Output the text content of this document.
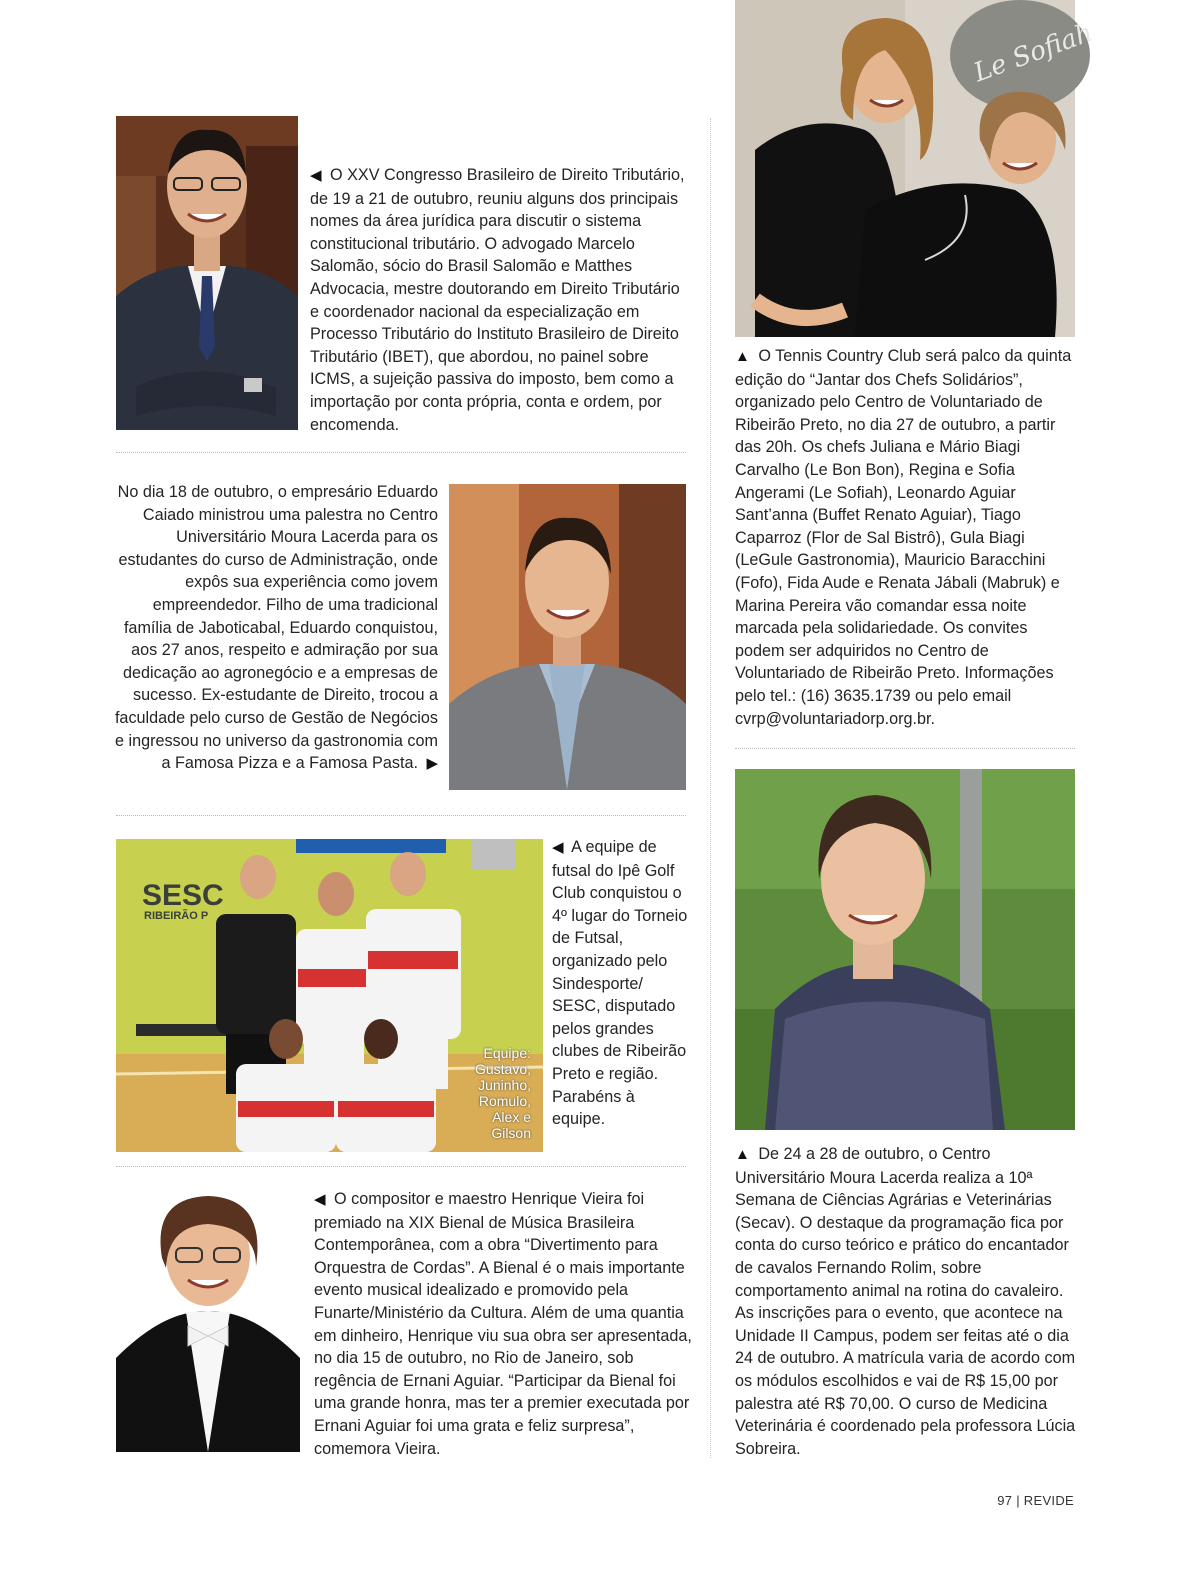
◀ O XXV Congresso Brasileiro de Direito Tributário, de 19 a 21 de outubro, reuniu alguns dos principais nomes da área jurídica para discutir o sistema constitucional tributário. O advogado Marcelo Salomão, sócio do Brasil Salomão e Matthes Advocacia, mestre doutorando em Direito Tributário e coordenador nacional da especialização em Processo Tributário do Instituto Brasileiro de Direito Tributário (IBET), que abordou, no painel sobre ICMS, a sujeição passiva do imposto, bem como a importação por conta própria, conta e ordem, por encomenda.
No dia 18 de outubro, o empresário Eduardo Caiado ministrou uma palestra no Centro Universitário Moura Lacerda para os estudantes do curso de Administração, onde expôs sua experiência como jovem empreendedor. Filho de uma tradicional família de Jaboticabal, Eduardo conquistou, aos 27 anos, respeito e admiração por sua dedicação ao agronegócio e a empresas de sucesso. Ex-estudante de Direito, trocou a faculdade pelo curso de Gestão de Negócios e ingressou no universo da gastronomia com a Famosa Pizza e a Famosa Pasta. ▶
SESC
RIBEIRÃO P
Equipe: Gustavo, Juninho, Romulo, Alex e Gilson
◀ A equipe de futsal do Ipê Golf Club conquistou o 4º lugar do Torneio de Futsal, organizado pelo Sindesporte/ SESC, disputado pelos grandes clubes de Ribeirão Preto e região. Parabéns à equipe.
◀ O compositor e maestro Henrique Vieira foi premiado na XIX Bienal de Música Brasileira Contemporânea, com a obra “Divertimento para Orquestra de Cordas”. A Bienal é o mais importante evento musical idealizado e promovido pela Funarte/Ministério da Cultura. Além de uma quantia em dinheiro, Henrique viu sua obra ser apresentada, no dia 15 de outubro, no Rio de Janeiro, sob regência de Ernani Aguiar. “Participar da Bienal foi uma grande honra, mas ter a premier executada por Ernani Aguiar foi uma grata e feliz surpresa”, comemora Vieira.
Le Sofiah
▲ O Tennis Country Club será palco da quinta edição do “Jantar dos Chefs Solidários”, organizado pelo Centro de Voluntariado de Ribeirão Preto, no dia 27 de outubro, a partir das 20h. Os chefs Juliana e Mário Biagi Carvalho (Le Bon Bon), Regina e Sofia Angerami (Le Sofiah), Leonardo Aguiar Sant’anna (Buffet Renato Aguiar), Tiago Caparroz (Flor de Sal Bistrô), Gula Biagi (LeGule Gastronomia), Mauricio Baracchini (Fofo), Fida Aude e Renata Jábali (Mabruk) e Marina Pereira vão comandar essa noite marcada pela solidariedade. Os convites podem ser adquiridos no Centro de Voluntariado de Ribeirão Preto. Informações pelo tel.: (16) 3635.1739 ou pelo email cvrp@voluntariadorp.org.br.
▲ De 24 a 28 de outubro, o Centro Universitário Moura Lacerda realiza a 10ª Semana de Ciências Agrárias e Veterinárias (Secav). O destaque da programação fica por conta do curso teórico e prático do encantador de cavalos Fernando Rolim, sobre comportamento animal na rotina do cavaleiro. As inscrições para o evento, que acontece na Unidade II Campus, podem ser feitas até o dia 24 de outubro. A matrícula varia de acordo com os módulos escolhidos e vai de R$ 15,00 por palestra até R$ 70,00. O curso de Medicina Veterinária é coordenado pela professora Lúcia Sobreira.
97 | REVIDE
